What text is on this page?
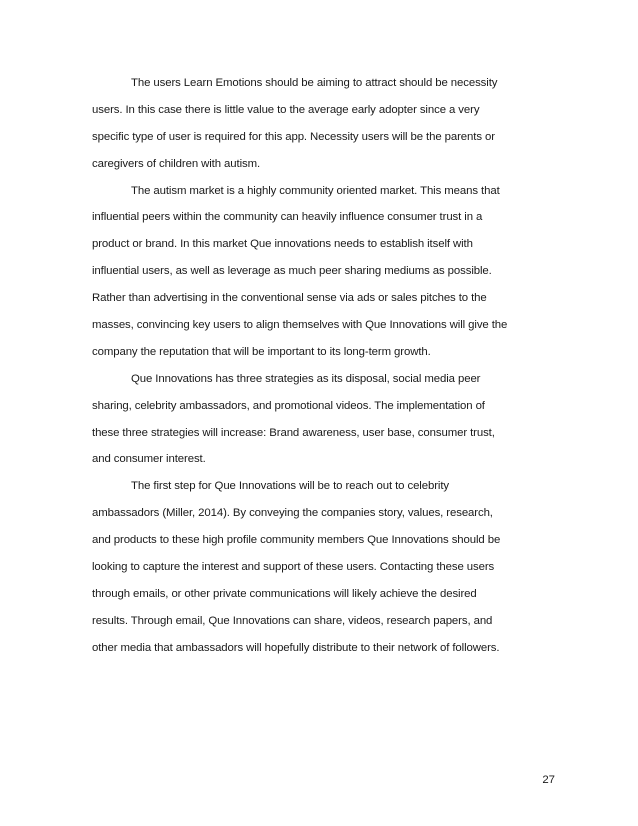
The users Learn Emotions should be aiming to attract should be necessity
users. In this case there is little value to the average early adopter since a very
specific type of user is required for this app. Necessity users will be the parents or
caregivers of children with autism.
The autism market is a highly community oriented market. This means that
influential peers within the community can heavily influence consumer trust in a
product or brand. In this market Que innovations needs to establish itself with
influential users, as well as leverage as much peer sharing mediums as possible.
Rather than advertising in the conventional sense via ads or sales pitches to the
masses, convincing key users to align themselves with Que Innovations will give the
company the reputation that will be important to its long-term growth.
Que Innovations has three strategies as its disposal, social media peer
sharing, celebrity ambassadors, and promotional videos. The implementation of
these three strategies will increase: Brand awareness, user base, consumer trust,
and consumer interest.
The first step for Que Innovations will be to reach out to celebrity
ambassadors (Miller, 2014). By conveying the companies story, values, research,
and products to these high profile community members Que Innovations should be
looking to capture the interest and support of these users. Contacting these users
through emails, or other private communications will likely achieve the desired
results. Through email, Que Innovations can share, videos, research papers, and
other media that ambassadors will hopefully distribute to their network of followers.
27
